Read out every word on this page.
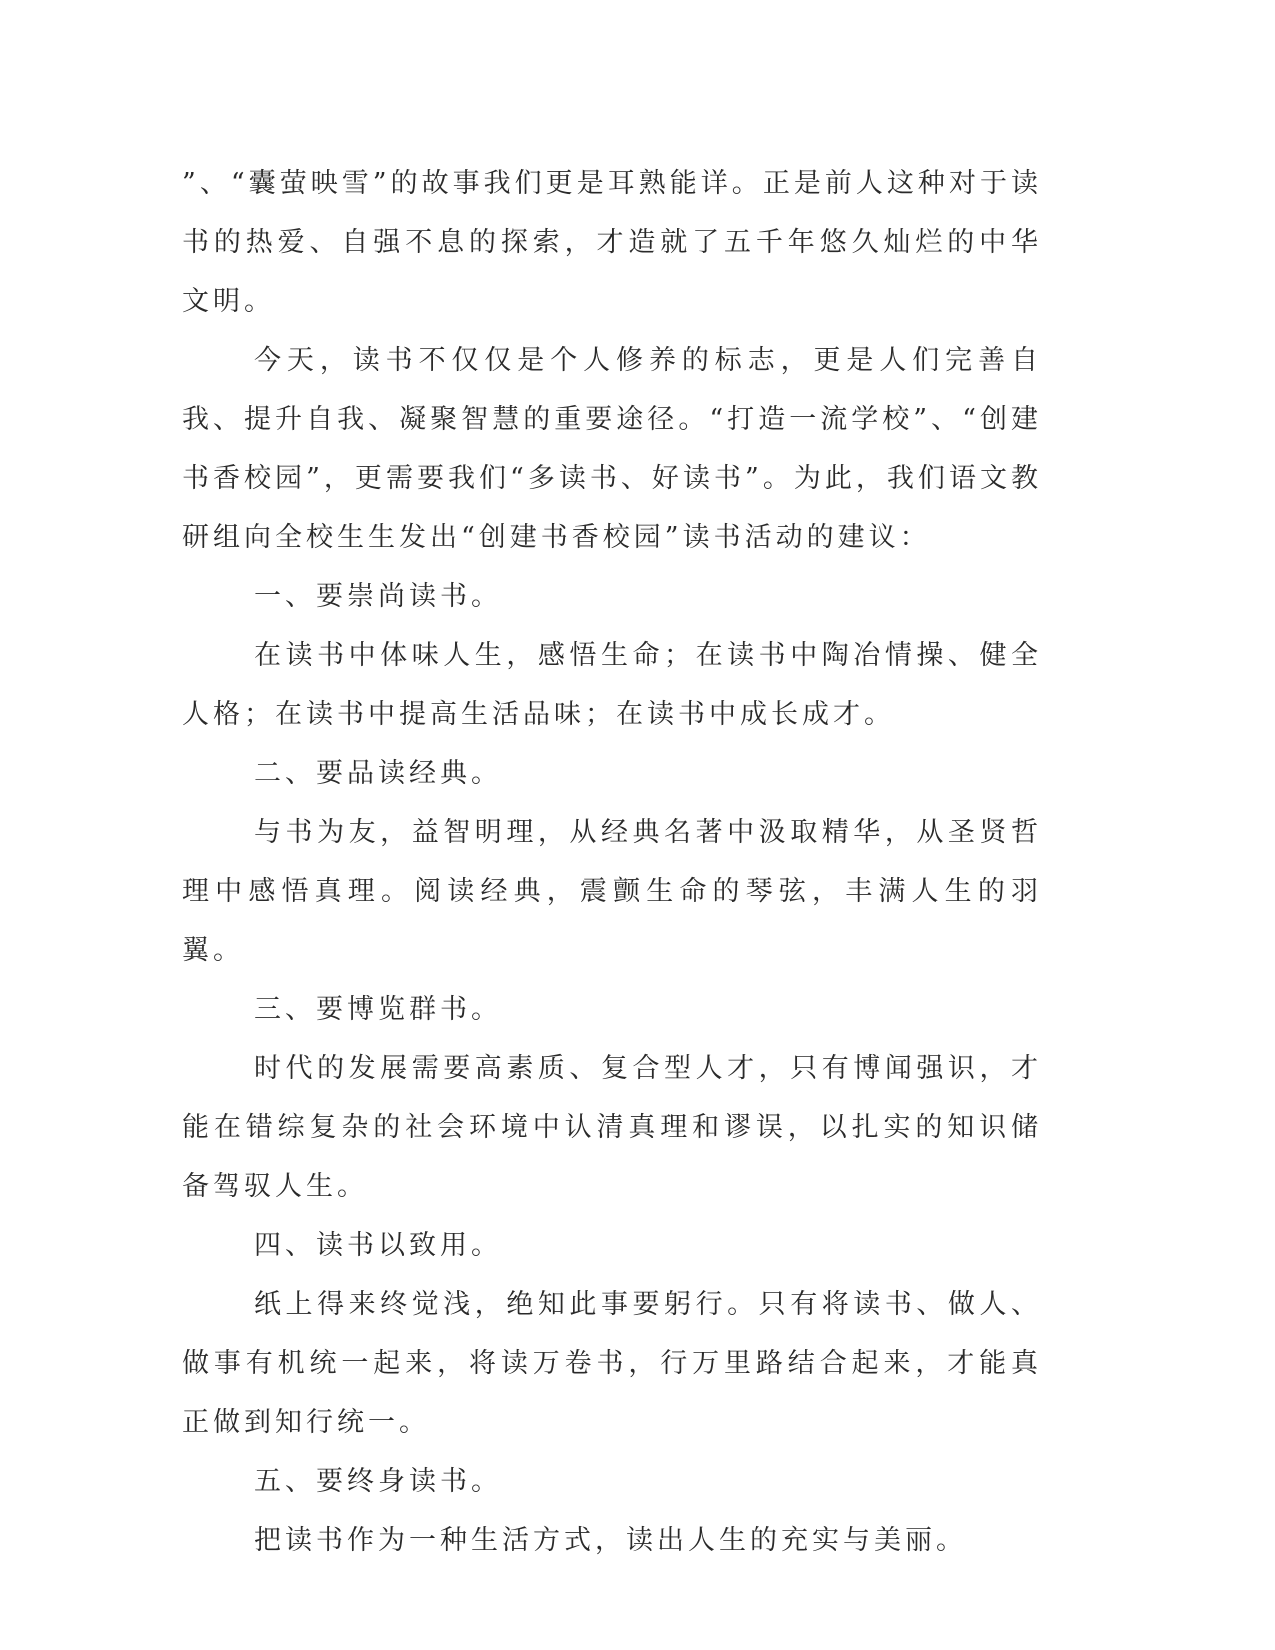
”、“囊萤映雪”的故事我们更是耳熟能详。正是前人这种对于读书的热爱、自强不息的探索，才造就了五千年悠久灿烂的中华文明。

今天，读书不仅仅是个人修养的标志，更是人们完善自我、提升自我、凝聚智慧的重要途径。“打造一流学校”、“创建书香校园”，更需要我们“多读书、好读书”。为此，我们语文教研组向全校生生发出“创建书香校园”读书活动的建议：

一、要崇尚读书。

在读书中体味人生，感悟生命；在读书中陶冶情操、健全人格；在读书中提高生活品味；在读书中成长成才。

二、要品读经典。

与书为友，益智明理，从经典名著中汲取精华，从圣贤哲理中感悟真理。阅读经典，震颤生命的琴弦，丰满人生的羽翼。

三、要博览群书。

时代的发展需要高素质、复合型人才，只有博闻强识，才能在错综复杂的社会环境中认清真理和谬误，以扎实的知识储备驾驭人生。

四、读书以致用。

纸上得来终觉浅，绝知此事要躬行。只有将读书、做人、做事有机统一起来，将读万卷书，行万里路结合起来，才能真正做到知行统一。

五、要终身读书。

把读书作为一种生活方式，读出人生的充实与美丽。
